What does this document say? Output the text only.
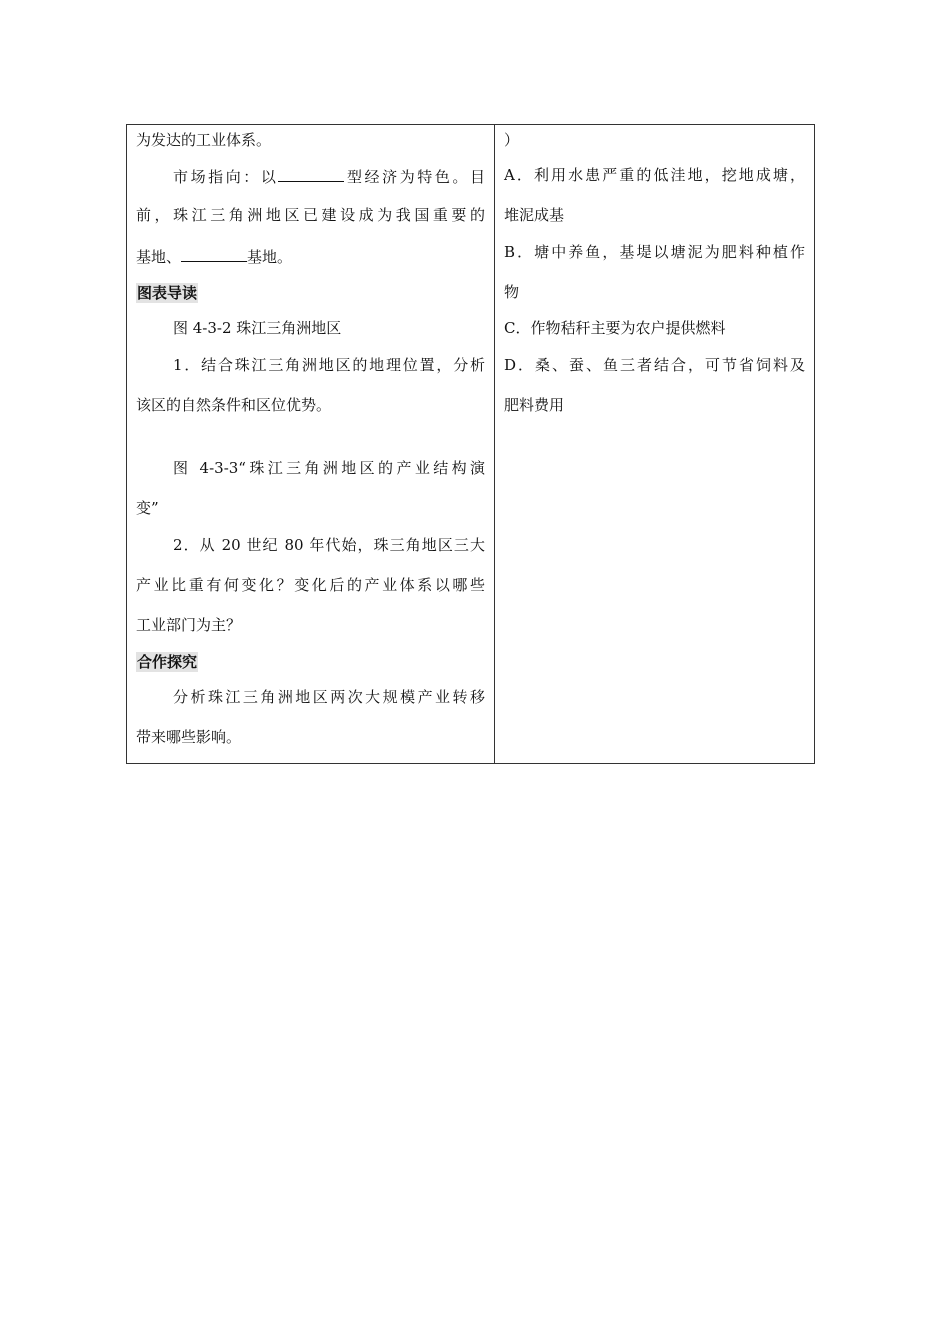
为发达的工业体系。
市场指向：以	型经济为特色。目
前，珠江三角洲地区已建设成为我国重要的
基地、	基地。
图表导读
图 4-3-2 珠江三角洲地区
1．结合珠江三角洲地区的地理位置，分析
该区的自然条件和区位优势。
图 4-3-3“珠江三角洲地区的产业结构演
变”
2．从 20 世纪 80 年代始，珠三角地区三大
产业比重有何变化？变化后的产业体系以哪些
工业部门为主？
合作探究
分析珠江三角洲地区两次大规模产业转移
带来哪些影响。
）
A．利用水患严重的低洼地，挖地成塘，
堆泥成基
B．塘中养鱼，基堤以塘泥为肥料种植作
物
C．作物秸秆主要为农户提供燃料
D．桑、蚕、鱼三者结合，可节省饲料及
肥料费用
